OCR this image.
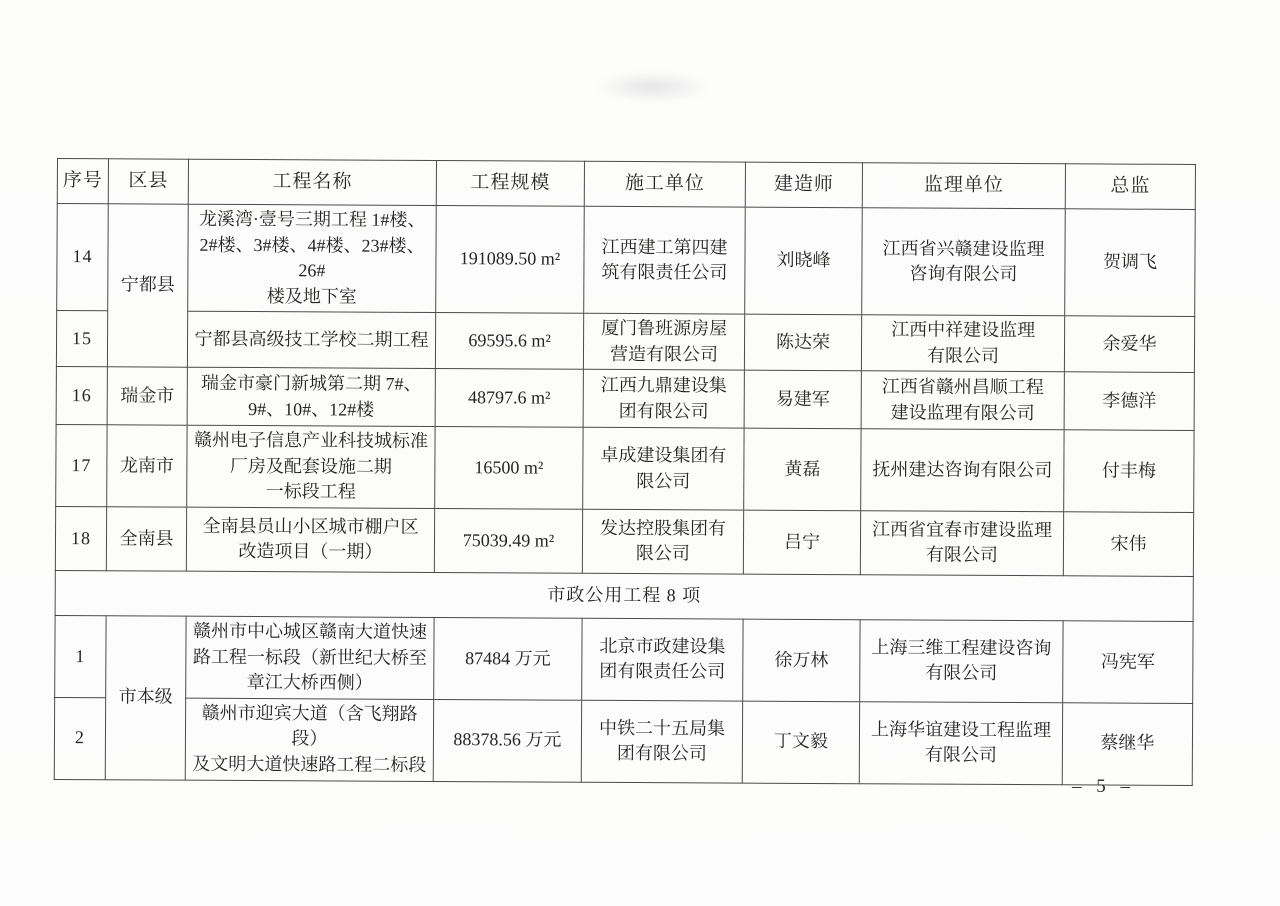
序号	区县	工程名称	工程规模	施工单位	建造师	监理单位	总监
14	宁都县	龙溪湾·壹号三期工程 1#楼、
2#楼、3#楼、4#楼、23#楼、26#
楼及地下室	191089.50 m²	江西建工第四建
筑有限责任公司	刘晓峰	江西省兴赣建设监理
咨询有限公司	贺调飞
15		宁都县高级技工学校二期工程	69595.6 m²	厦门鲁班源房屋
营造有限公司	陈达荣	江西中祥建设监理
有限公司	余爱华
16	瑞金市	瑞金市豪门新城第二期 7#、
9#、10#、12#楼	48797.6 m²	江西九鼎建设集
团有限公司	易建军	江西省赣州昌顺工程
建设监理有限公司	李德洋
17	龙南市	赣州电子信息产业科技城标准
厂房及配套设施二期
一标段工程	16500 m²	卓成建设集团有
限公司	黄磊	抚州建达咨询有限公司	付丰梅
18	全南县	全南县员山小区城市棚户区
改造项目（一期）	75039.49 m²	发达控股集团有
限公司	吕宁	江西省宜春市建设监理
有限公司	宋伟
市政公用工程 8 项							
1	市本级	赣州市中心城区赣南大道快速
路工程一标段（新世纪大桥至
章江大桥西侧）	87484 万元	北京市政建设集
团有限责任公司	徐万林	上海三维工程建设咨询
有限公司	冯宪军
2		赣州市迎宾大道（含飞翔路段）
及文明大道快速路工程二标段	88378.56 万元	中铁二十五局集
团有限公司	丁文毅	上海华谊建设工程监理
有限公司	蔡继华
– 5 –
